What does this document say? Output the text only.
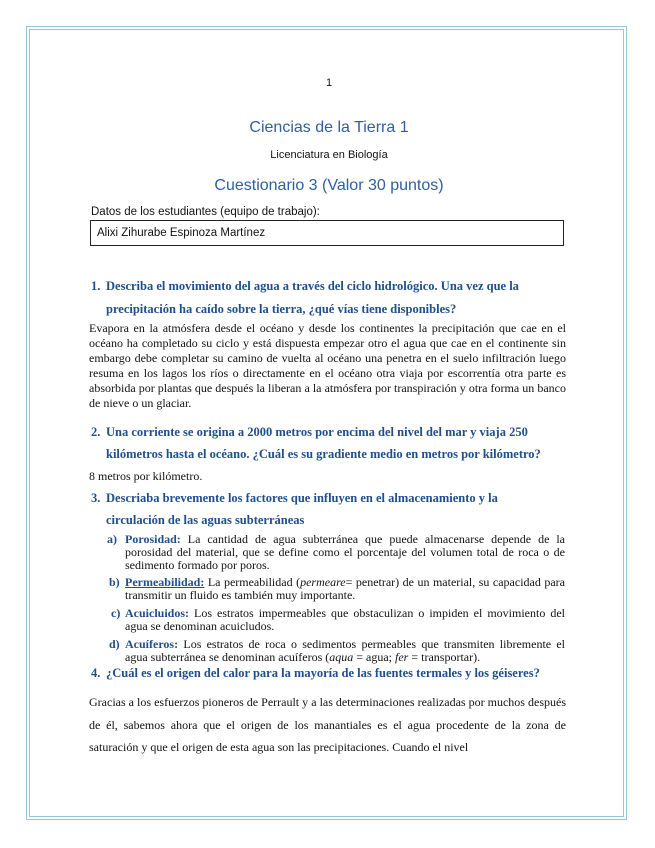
1
Ciencias de la Tierra 1
Licenciatura en Biología
Cuestionario 3 (Valor 30 puntos)
Datos de los estudiantes (equipo de trabajo):
Alixi Zihurabe Espinoza Martínez
1. Describa el movimiento del agua a través del ciclo hidrológico. Una vez que la
precipitación ha caído sobre la tierra, ¿qué vías tiene disponibles?
Evapora en la atmósfera desde el océano y desde los continentes la precipitación que cae en el océano ha completado su ciclo y está dispuesta empezar otro el agua que cae en el continente sin embargo debe completar su camino de vuelta al océano una penetra en el suelo infiltración luego resuma en los lagos los ríos o directamente en el océano otra viaja por escorrentía otra parte es absorbida por plantas que después la liberan a la atmósfera por transpiración y otra forma un banco de nieve o un glaciar.
2. Una corriente se origina a 2000 metros por encima del nivel del mar y viaja 250
kilómetros hasta el océano. ¿Cuál es su gradiente medio en metros por kilómetro?
8 metros por kilómetro.
3. Descriaba brevemente los factores que influyen en el almacenamiento y la
circulación de las aguas subterráneas
a) Porosidad: La cantidad de agua subterránea que puede almacenarse depende de la porosidad del material, que se define como el porcentaje del volumen total de roca o de sedimento formado por poros.
b) Permeabilidad: La permeabilidad (permeare= penetrar) de un material, su capacidad para transmitir un fluido es también muy importante.
c) Acuicluidos: Los estratos impermeables que obstaculizan o impiden el movimiento del agua se denominan acuicludos.
d) Acuíferos: Los estratos de roca o sedimentos permeables que transmiten libremente el agua subterránea se denominan acuíferos (aqua = agua; fer = transportar).
4. ¿Cuál es el origen del calor para la mayoría de las fuentes termales y los géiseres?
Gracias a los esfuerzos pioneros de Perrault y a las determinaciones realizadas por muchos después de él, sabemos ahora que el origen de los manantiales es el agua procedente de la zona de saturación y que el origen de esta agua son las precipitaciones. Cuando el nivel
